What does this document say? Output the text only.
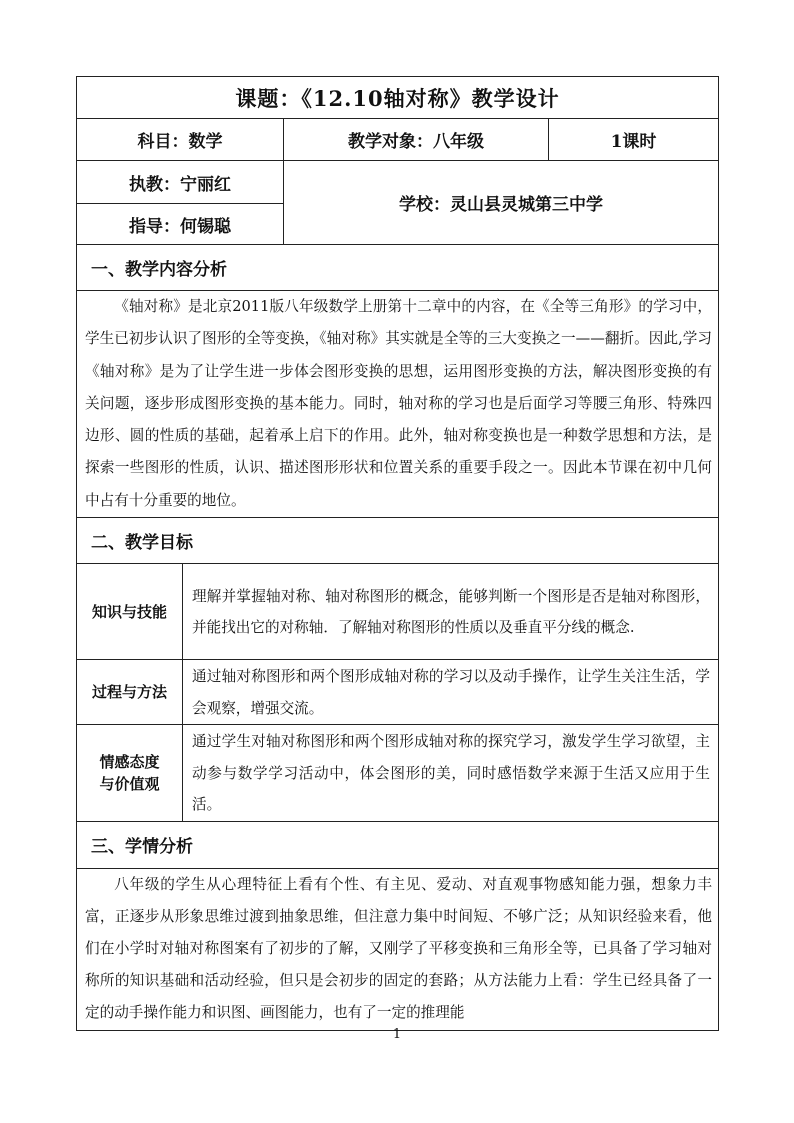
课题：《12.10轴对称》教学设计			
科目：数学		教学对象：八年级	1课时
执教：宁丽红		学校：灵山县灵城第三中学	
指导：何锡聪			
一、教学内容分析			
《轴对称》是北京2011版八年级数学上册第十二章中的内容，在《全等三角形》的学习中，学生已初步认识了图形的全等变换，《轴对称》其实就是全等的三大变换之一——翻折。因此,学习《轴对称》是为了让学生进一步体会图形变换的思想，运用图形变换的方法，解决图形变换的有关问题，逐步形成图形变换的基本能力。同时，轴对称的学习也是后面学习等腰三角形、特殊四边形、圆的性质的基础，起着承上启下的作用。此外，轴对称变换也是一种数学思想和方法，是探索一些图形的性质，认识、描述图形形状和位置关系的重要手段之一。因此本节课在初中几何中占有十分重要的地位。			
二、教学目标			

知识与技能	理解并掌握轴对称、轴对称图形的概念，能够判断一个图形是否是轴对称图形，并能找出它的对称轴．了解轴对称图形的性质以及垂直平分线的概念.		

过程与方法	通过轴对称图形和两个图形成轴对称的学习以及动手操作，让学生关注生活，学会观察，增强交流。		

情感态度
与价值观	通过学生对轴对称图形和两个图形成轴对称的探究学习，激发学生学习欲望，主动参与数学学习活动中，体会图形的美，同时感悟数学来源于生活又应用于生活。		
三、学情分析			
八年级的学生从心理特征上看有个性、有主见、爱动、对直观事物感知能力强，想象力丰富，正逐步从形象思维过渡到抽象思维，但注意力集中时间短、不够广泛；从知识经验来看，他们在小学时对轴对称图案有了初步的了解，又刚学了平移变换和三角形全等，已具备了学习轴对称所的知识基础和活动经验，但只是会初步的固定的套路；从方法能力上看：学生已经具备了一定的动手操作能力和识图、画图能力，也有了一定的推理能			
1
